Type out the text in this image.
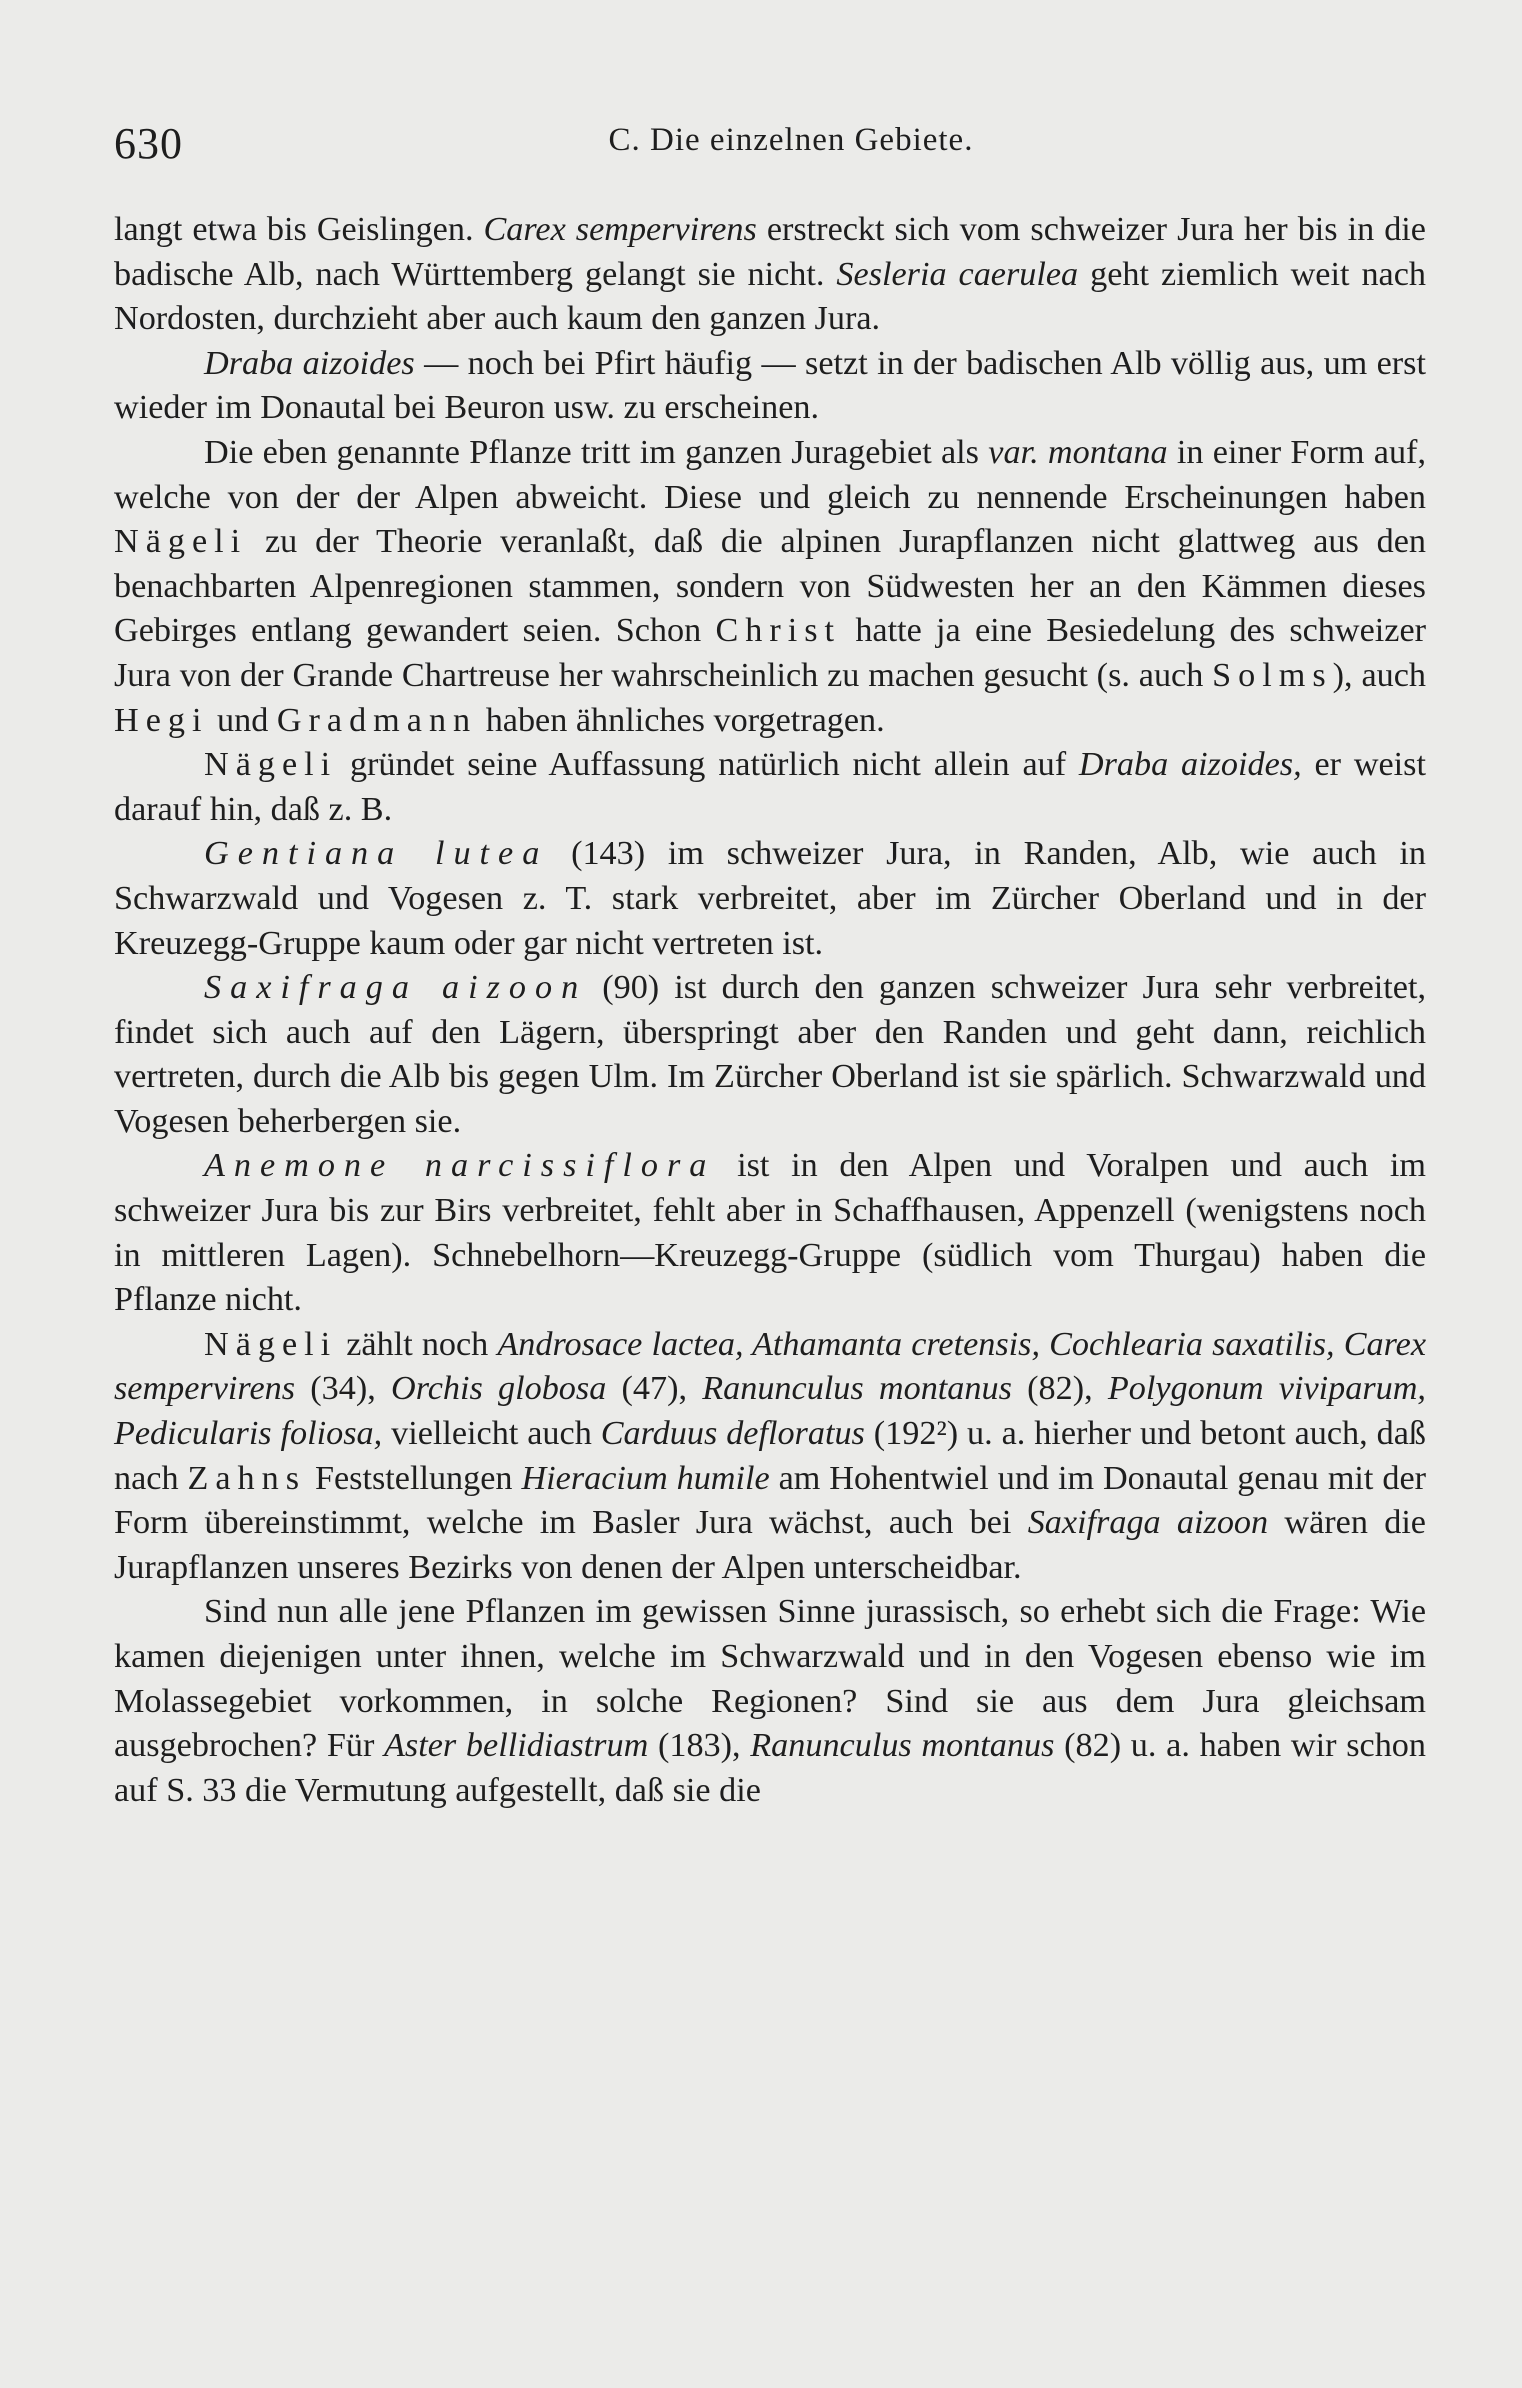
630	C. Die einzelnen Gebiete.

langt etwa bis Geislingen. Carex sempervirens erstreckt sich vom schweizer Jura her bis in die badische Alb, nach Württemberg gelangt sie nicht. Sesleria caerulea geht ziemlich weit nach Nordosten, durchzieht aber auch kaum den ganzen Jura.

Draba aizoides — noch bei Pfirt häufig — setzt in der badischen Alb völlig aus, um erst wieder im Donautal bei Beuron usw. zu erscheinen.

Die eben genannte Pflanze tritt im ganzen Juragebiet als var. montana in einer Form auf, welche von der der Alpen abweicht. Diese und gleich zu nennende Erscheinungen haben Nägeli zu der Theorie veranlaßt, daß die alpinen Jurapflanzen nicht glattweg aus den benachbarten Alpenregionen stammen, sondern von Südwesten her an den Kämmen dieses Gebirges entlang gewandert seien. Schon Christ hatte ja eine Besiedelung des schweizer Jura von der Grande Chartreuse her wahrscheinlich zu machen gesucht (s. auch Solms), auch Hegi und Gradmann haben ähnliches vorgetragen.

Nägeli gründet seine Auffassung natürlich nicht allein auf Draba aizoides, er weist darauf hin, daß z. B.

Gentiana lutea (143) im schweizer Jura, in Randen, Alb, wie auch in Schwarzwald und Vogesen z. T. stark verbreitet, aber im Zürcher Oberland und in der Kreuzegg-Gruppe kaum oder gar nicht vertreten ist.

Saxifraga aizoon (90) ist durch den ganzen schweizer Jura sehr verbreitet, findet sich auch auf den Lägern, überspringt aber den Randen und geht dann, reichlich vertreten, durch die Alb bis gegen Ulm. Im Zürcher Oberland ist sie spärlich. Schwarzwald und Vogesen beherbergen sie.

Anemone narcissiflora ist in den Alpen und Voralpen und auch im schweizer Jura bis zur Birs verbreitet, fehlt aber in Schaffhausen, Appenzell (wenigstens noch in mittleren Lagen). Schnebelhorn—Kreuzegg-Gruppe (südlich vom Thurgau) haben die Pflanze nicht.

Nägeli zählt noch Androsace lactea, Athamanta cretensis, Cochlearia saxatilis, Carex sempervirens (34), Orchis globosa (47), Ranunculus montanus (82), Polygonum viviparum, Pedicularis foliosa, vielleicht auch Carduus defloratus (192²) u. a. hierher und betont auch, daß nach Zahns Feststellungen Hieracium humile am Hohentwiel und im Donautal genau mit der Form übereinstimmt, welche im Basler Jura wächst, auch bei Saxifraga aizoon wären die Jurapflanzen unseres Bezirks von denen der Alpen unterscheidbar.

Sind nun alle jene Pflanzen im gewissen Sinne jurassisch, so erhebt sich die Frage: Wie kamen diejenigen unter ihnen, welche im Schwarzwald und in den Vogesen ebenso wie im Molassegebiet vorkommen, in solche Regionen? Sind sie aus dem Jura gleichsam ausgebrochen? Für Aster bellidiastrum (183), Ranunculus montanus (82) u. a. haben wir schon auf S. 33 die Vermutung aufgestellt, daß sie die
